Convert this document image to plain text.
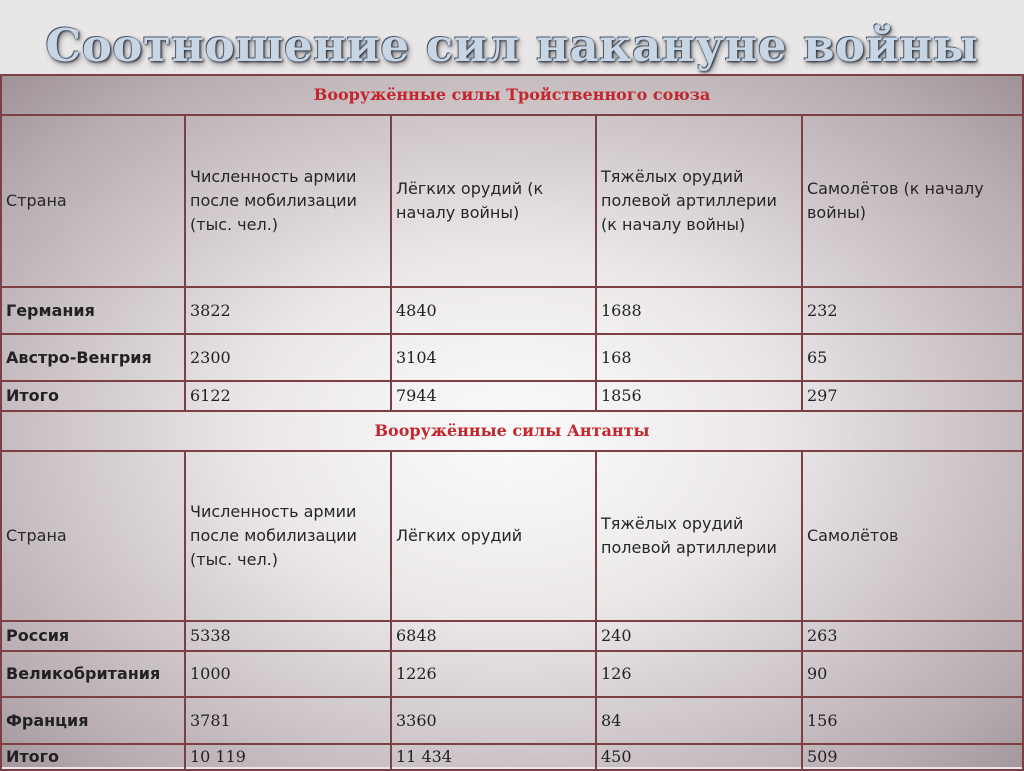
Соотношение сил накануне войны
Вооружённые силы Тройственного союза				
Страна	Численность армии после мобилизации (тыс. чел.)	Лёгких орудий (к началу войны)	Тяжёлых орудий полевой артиллерии (к началу войны)	Самолётов (к началу войны)
Германия	3822	4840	1688	232
Австро-Венгрия	2300	3104	168	65
Итого	6122	7944	1856	297
Вооружённые силы Антанты				
Страна	Численность армии после мобилизации (тыс. чел.)	Лёгких орудий	Тяжёлых орудий полевой артиллерии	Самолётов
Россия	5338	6848	240	263
Великобритания	1000	1226	126	90
Франция	3781	3360	84	156
Итого	10 119	11 434	450	509
